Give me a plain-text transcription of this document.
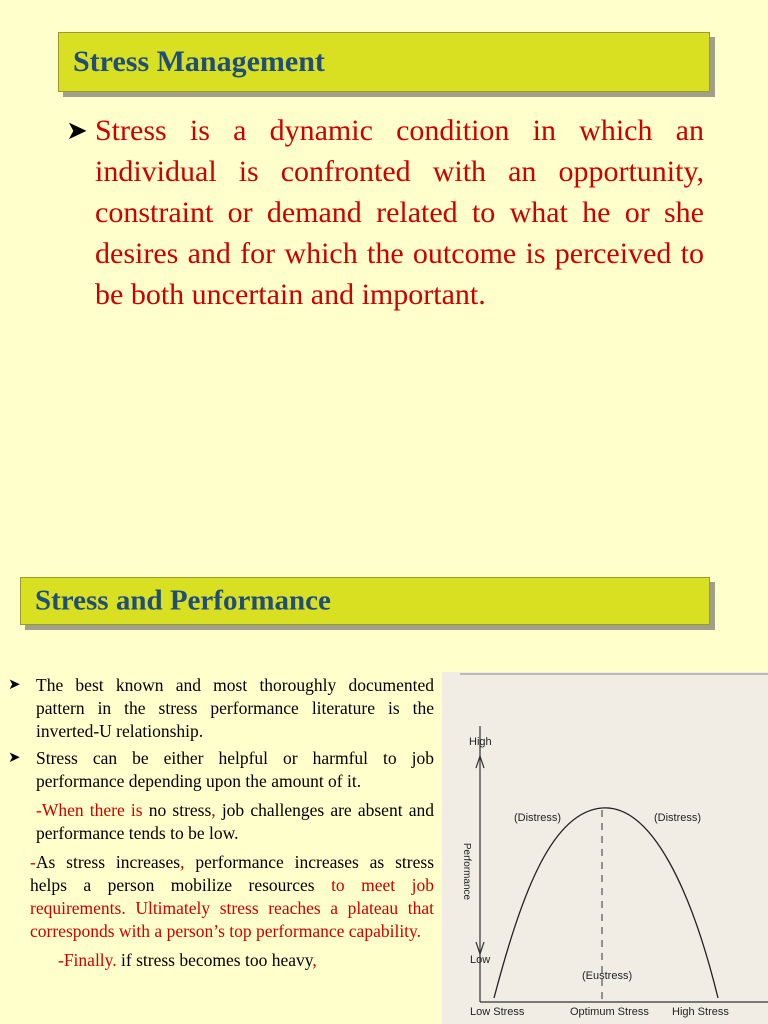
Stress Management
➤ Stress is a dynamic condition in which an individual is confronted with an opportunity, constraint or demand related to what he or she desires and for which the outcome is perceived to be both uncertain and important.
Stress and Performance
➤ The best known and most thoroughly documented pattern in the stress performance literature is the inverted-U relationship.
➤ Stress can be either helpful or harmful to job performance depending upon the amount of it.
-When there is no stress, job challenges are absent and performance tends to be low.
-As stress increases, performance increases as stress helps a person mobilize resources to meet job requirements. Ultimately stress reaches a plateau that corresponds with a person’s top performance capability.
-Finally. if stress becomes too heavy,
High
Low
Performance
(Distress)	(Distress)
(Eustress)
Low Stress	Optimum Stress High Stress
